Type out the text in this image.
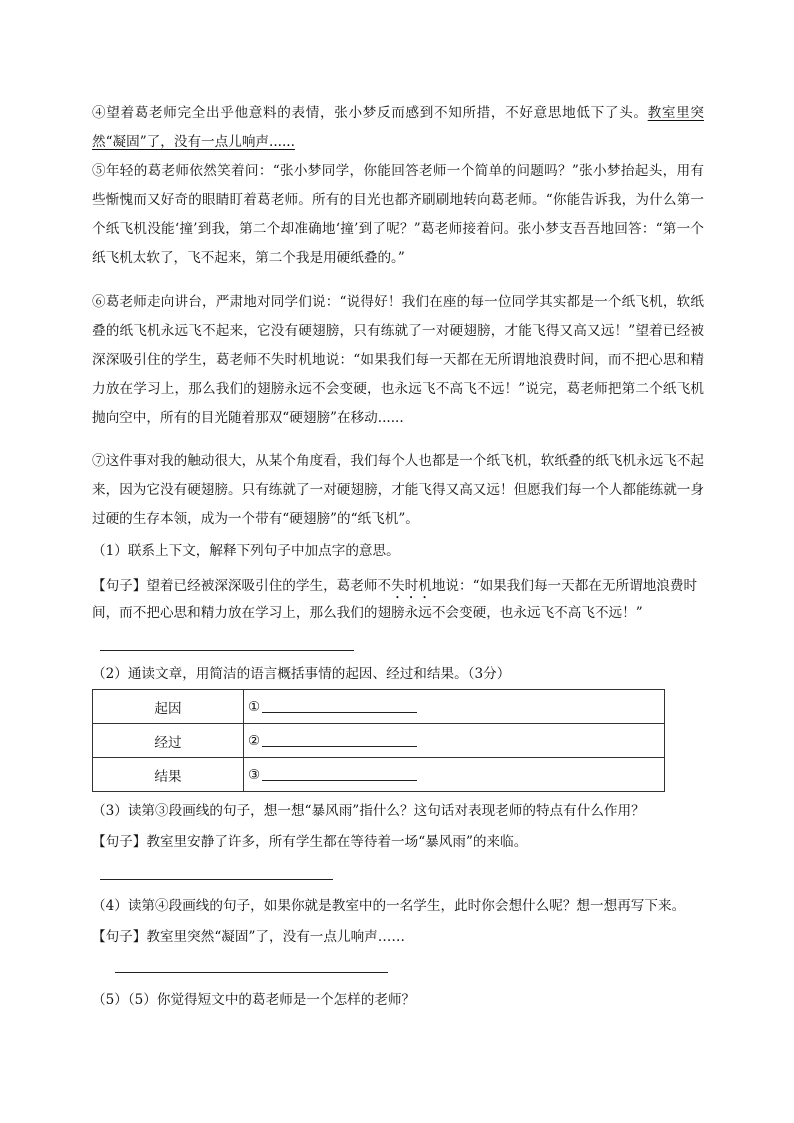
④望着葛老师完全出乎他意料的表情，张小梦反而感到不知所措，不好意思地低下了头。教室里突然“凝固”了，没有一点儿响声......

⑤年轻的葛老师依然笑着问：“张小梦同学，你能回答老师一个简单的问题吗？”张小梦抬起头，用有些惭愧而又好奇的眼睛盯着葛老师。所有的目光也都齐刷刷地转向葛老师。“你能告诉我，为什么第一个纸飞机没能‘撞’到我，第二个却准确地‘撞’到了呢？”葛老师接着问。张小梦支吾吾地回答：“第一个纸飞机太软了，飞不起来，第二个我是用硬纸叠的。”

⑥葛老师走向讲台，严肃地对同学们说：“说得好！我们在座的每一位同学其实都是一个纸飞机，软纸叠的纸飞机永远飞不起来，它没有硬翅膀，只有练就了一对硬翅膀，才能飞得又高又远！”望着已经被深深吸引住的学生，葛老师不失时机地说：“如果我们每一天都在无所谓地浪费时间，而不把心思和精力放在学习上，那么我们的翅膀永远不会变硬，也永远飞不高飞不远！”说完，葛老师把第二个纸飞机抛向空中，所有的目光随着那双“硬翅膀”在移动......

⑦这件事对我的触动很大，从某个角度看，我们每个人也都是一个纸飞机，软纸叠的纸飞机永远飞不起来，因为它没有硬翅膀。只有练就了一对硬翅膀，才能飞得又高又远！但愿我们每一个人都能练就一身过硬的生存本领，成为一个带有“硬翅膀”的“纸飞机”。

（1）联系上下文，解释下列句子中加点字的意思。
【句子】望着已经被深深吸引住的学生，葛老师不失时机地说：“如果我们每一天都在无所谓地浪费时
间，而不把心思和精力放在学习上，那么我们的翅膀永远不会变硬，也永远飞不高飞不远！”
（2）通读文章，用简洁的语言概括事情的起因、经过和结果。（3分）
起因	①
经过	②
结果	③
（3）读第③段画线的句子，想一想“暴风雨”指什么？这句话对表现老师的特点有什么作用？
【句子】教室里安静了许多，所有学生都在等待着一场“暴风雨”的来临。
（4）读第④段画线的句子，如果你就是教室中的一名学生，此时你会想什么呢？想一想再写下来。
【句子】教室里突然“凝固”了，没有一点儿响声……
（5）（5）你觉得短文中的葛老师是一个怎样的老师？
